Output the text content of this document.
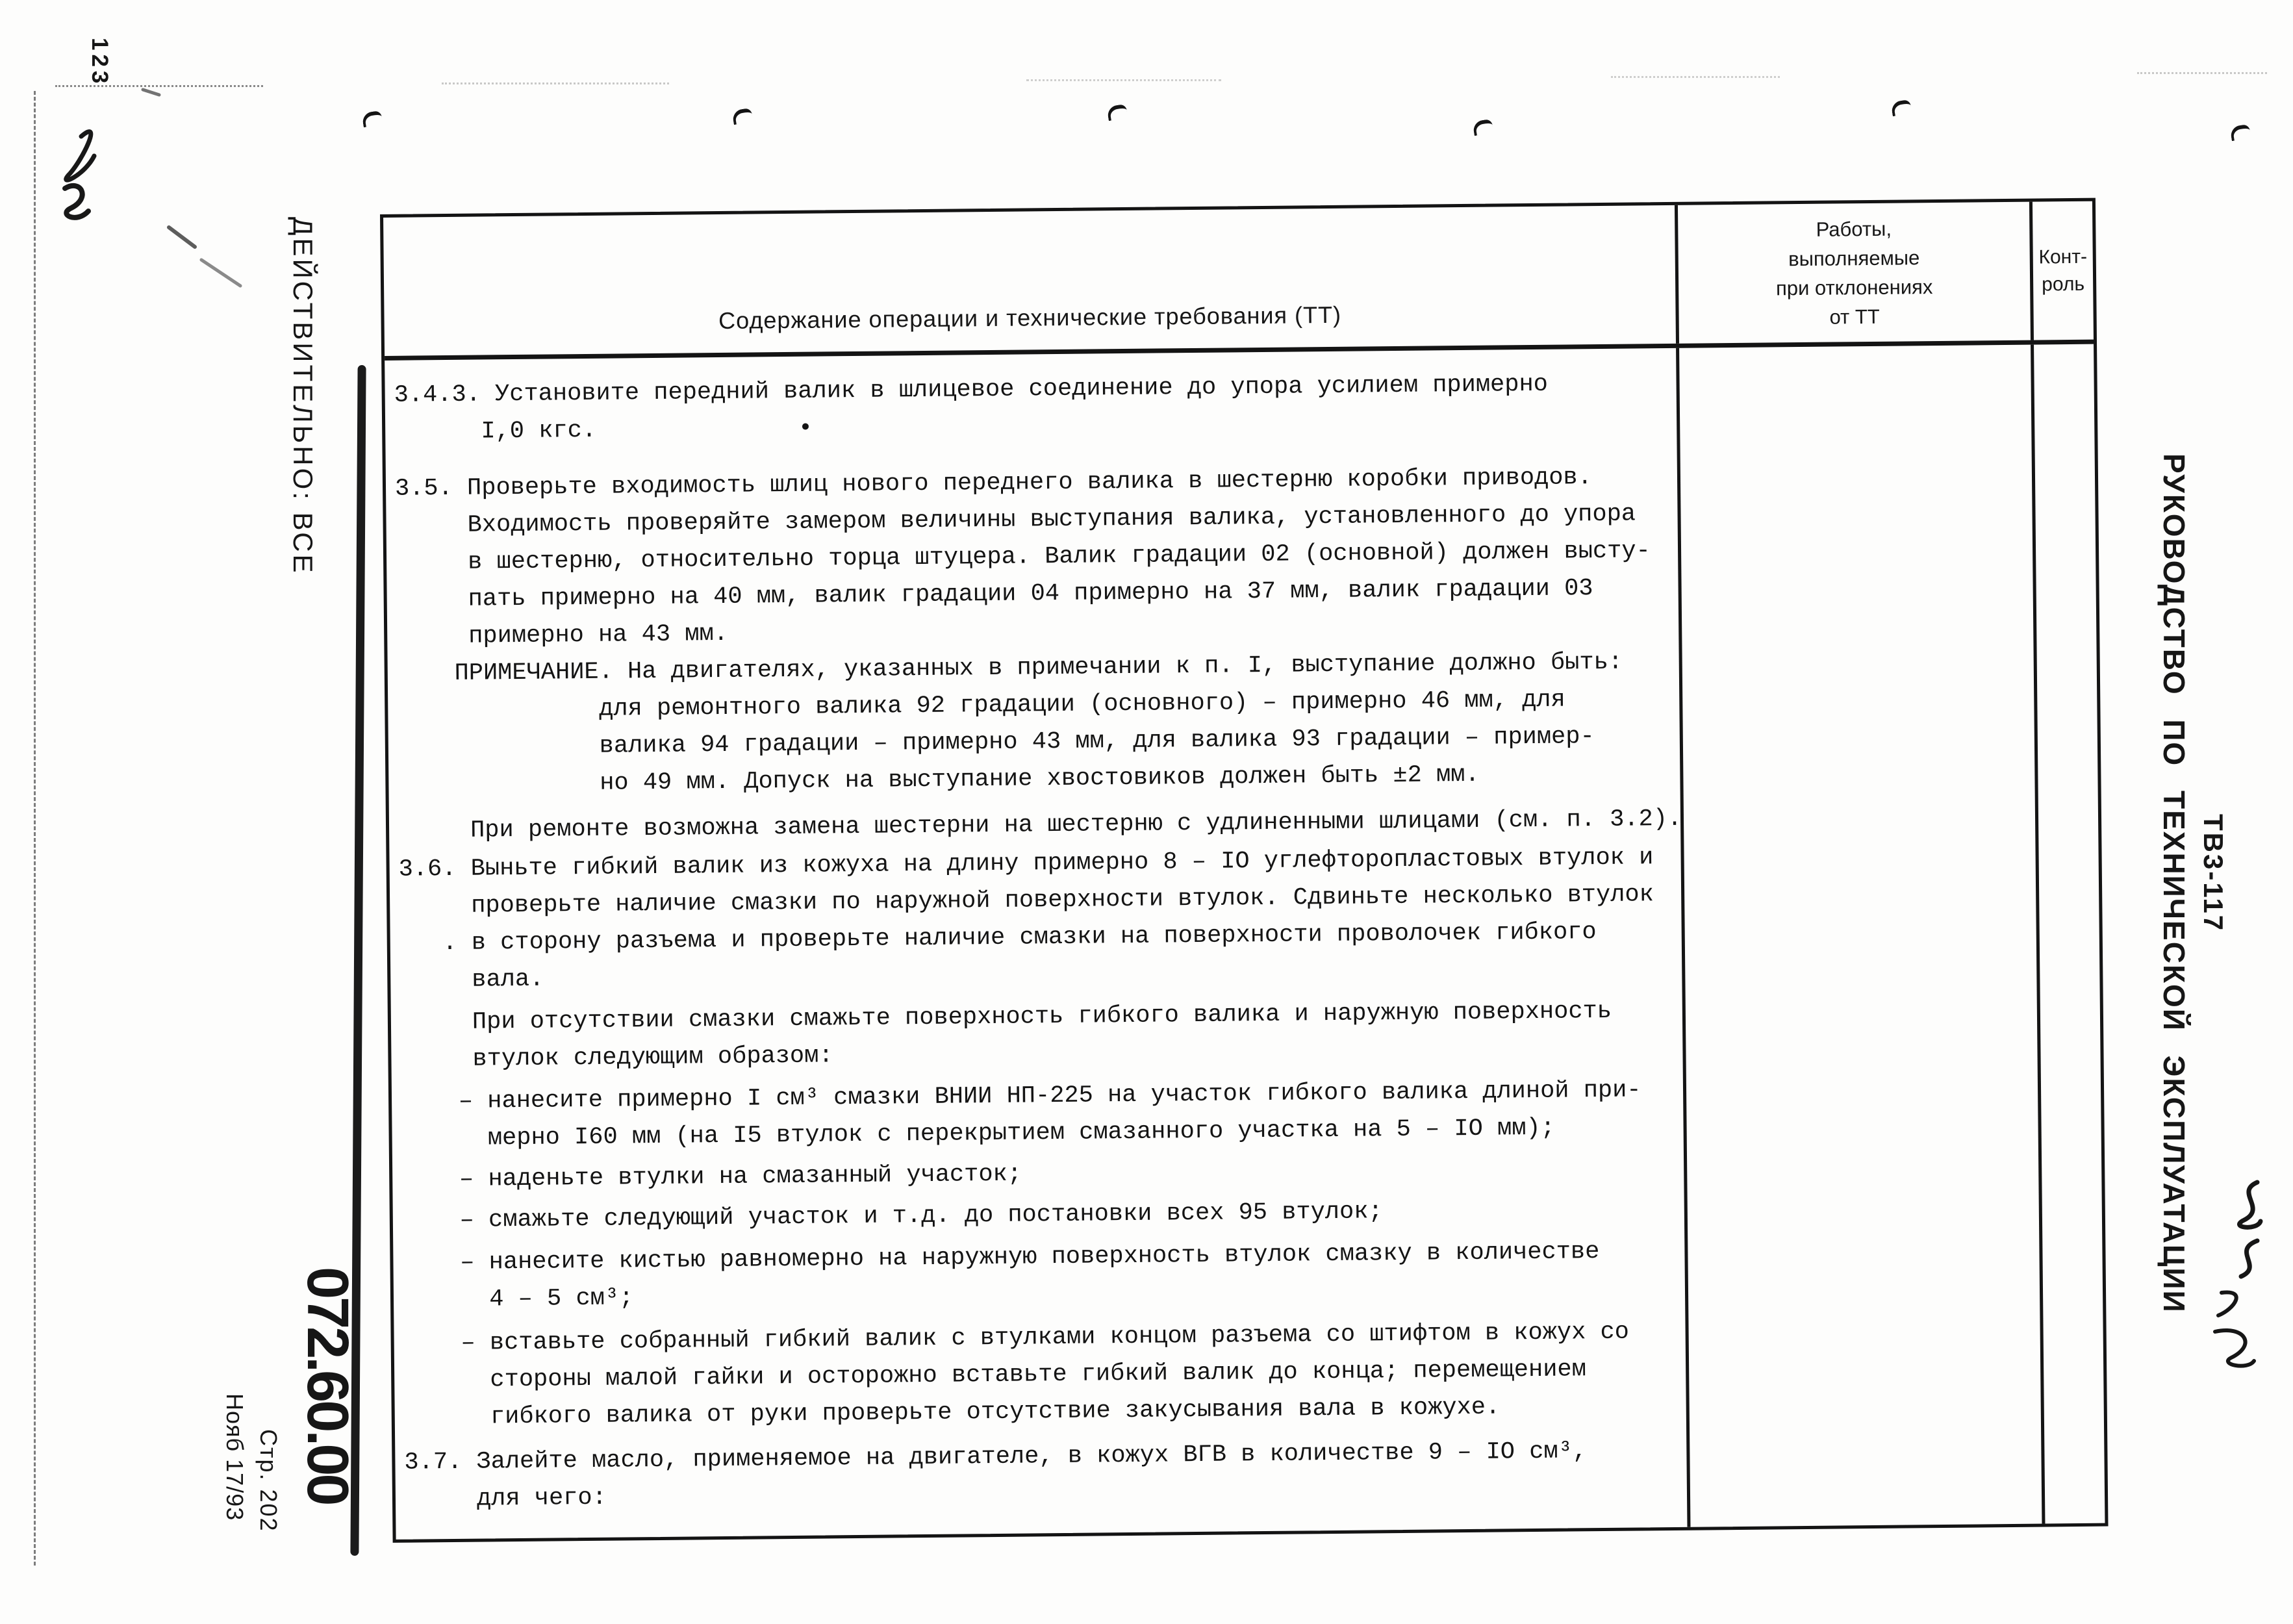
123
ДЕЙСТВИТЕЛЬНО: ВСЕ
072.60.00
Стр. 202
Нояб 17/93
РУКОВОДСТВО ПО ТЕХНИЧЕСКОЙ ЭКСПЛУАТАЦИИ ТВ3-117
Содержание операции и технические требования (ТТ)
Работы,
выполняемые
при отклонениях
от ТТ
Конт-
роль

3.4.3. Установите передний валик в шлицевое соединение до упора усилием примерно
I,0 кгс.              •

3.5. Проверьте входимость шлиц нового переднего валика в шестерню коробки приводов.
Входимость проверяйте замером величины выступания валика, установленного до упора
в шестерню, относительно торца штуцера. Валик градации 02 (основной) должен высту-
пать примерно на 40 мм, валик градации 04 примерно на 37 мм, валик градации 03
примерно на 43 мм.

ПРИМЕЧАНИЕ. На двигателях, указанных в примечании к п. I, выступание должно быть:
для ремонтного валика 92 градации (основного) – примерно 46 мм, для
валика 94 градации – примерно 43 мм, для валика 93 градации – пример-
но 49 мм. Допуск на выступание хвостовиков должен быть ±2 мм.

При ремонте возможна замена шестерни на шестерню с удлиненными шлицами (см. п. 3.2).

3.6. Выньте гибкий валик из кожуха на длину примерно 8 – IO углефторопластовых втулок и
проверьте наличие смазки по наружной поверхности втулок. Сдвиньте несколько втулок
. в сторону разъема и проверьте наличие смазки на поверхности проволочек гибкого
вала.

При отсутствии смазки смажьте поверхность гибкого валика и наружную поверхность
втулок следующим образом:

– нанесите примерно I см³ смазки ВНИИ НП-225 на участок гибкого валика длиной при-
мерно I60 мм (на I5 втулок с перекрытием смазанного участка на 5 – IO мм);

– наденьте втулки на смазанный участок;

– смажьте следующий участок и т.д. до постановки всех 95 втулок;

– нанесите кистью равномерно на наружную поверхность втулок смазку в количестве
4 – 5 см³;

– вставьте собранный гибкий валик с втулками концом разъема со штифтом в кожух со
стороны малой гайки и осторожно вставьте гибкий валик до конца; перемещением
гибкого валика от руки проверьте отсутствие закусывания вала в кожухе.

3.7. Залейте масло, применяемое на двигателе, в кожух ВГВ в количестве 9 – IO см³,
для чего:
